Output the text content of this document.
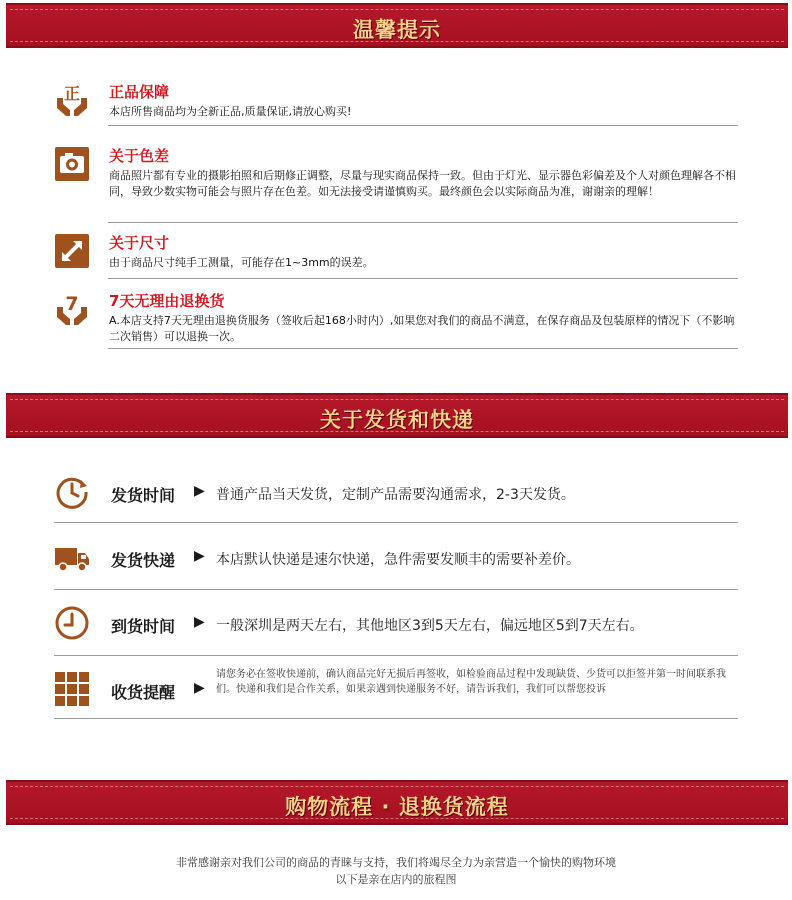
温馨提示
正 正品保障
本店所售商品均为全新正品,质量保证,请放心购买!
关于色差
商品照片都有专业的摄影拍照和后期修正调整，尽量与现实商品保持一致。但由于灯光、显示器色彩偏差及个人对颜色理解各不相同，导致少数实物可能会与照片存在色差。如无法接受请谨慎购买。最终颜色会以实际商品为准，谢谢亲的理解！
关于尺寸
由于商品尺寸纯手工测量，可能存在1~3mm的误差。
7 7天无理由退换货
A.本店支持7天无理由退换货服务（签收后起168小时内）,如果您对我们的商品不满意，在保存商品及包装原样的情况下（不影响二次销售）可以退换一次。
关于发货和快递
发货时间 ▶ 普通产品当天发货，定制产品需要沟通需求，2-3天发货。
发货快递 ▶ 本店默认快递是速尔快递，急件需要发顺丰的需要补差价。
到货时间 ▶ 一般深圳是两天左右，其他地区3到5天左右，偏远地区5到7天左右。
收货提醒 ▶
请您务必在签收快递前，确认商品完好无损后再签收，如检验商品过程中发现缺货、少货可以拒签并第一时间联系我们。快递和我们是合作关系，如果亲遇到快递服务不好，请告诉我们，我们可以帮您投诉
购物流程 · 退换货流程
非常感谢亲对我们公司的商品的青睐与支持，我们将竭尽全力为亲营造一个愉快的购物环境
以下是亲在店内的旅程图
